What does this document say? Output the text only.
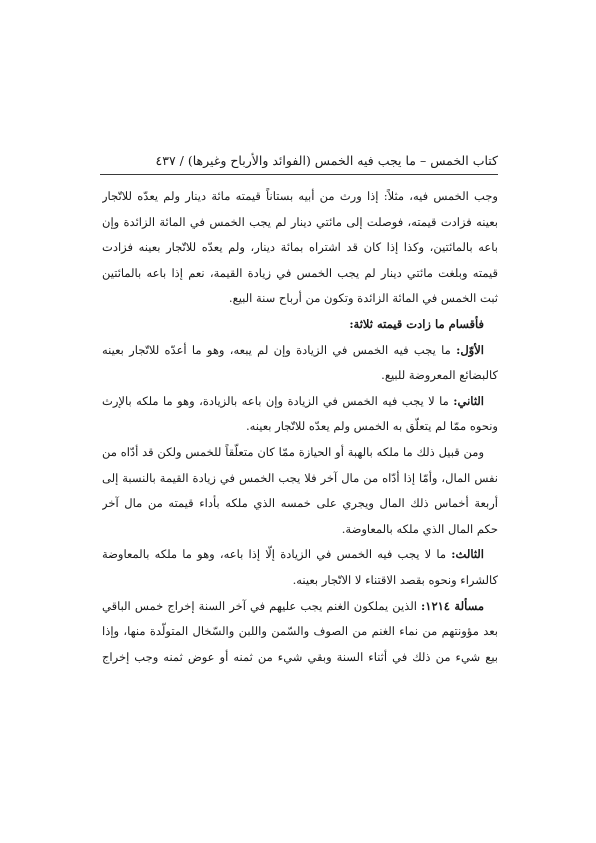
كتاب الخمس – ما يجب فيه الخمس (الفوائد والأرباح وغيرها) / ٤٣٧
وجب الخمس فيه، مثلاً: إذا ورث من أبيه بستاناً قيمته مائة دينار ولم يعدّه للاتّجار
بعينه فزادت قيمته، فوصلت إلى مائتي دينار لم يجب الخمس في المائة الزائدة وإن
باعه بالمائتين، وكذا إذا كان قد اشتراه بمائة دينار، ولم يعدّه للاتّجار بعينه فزادت
قيمته وبلغت مائتي دينار لم يجب الخمس في زيادة القيمة، نعم إذا باعه بالمائتين
ثبت الخمس في المائة الزائدة وتكون من أرباح سنة البيع.
فأقسام ما زادت قيمته ثلاثة:
الأوّل: ما يجب فيه الخمس في الزيادة وإن لم يبعه، وهو ما أعدّه للاتّجار بعينه
كالبضائع المعروضة للبيع.
الثاني: ما لا يجب فيه الخمس في الزيادة وإن باعه بالزيادة، وهو ما ملكه بالإرث
ونحوه ممّا لم يتعلّق به الخمس ولم يعدّه للاتّجار بعينه.
ومن قبيل ذلك ما ملكه بالهبة أو الحيازة ممّا كان متعلّقاً للخمس ولكن قد أدّاه من
نفس المال، وأمّا إذا أدّاه من مال آخر فلا يجب الخمس في زيادة القيمة بالنسبة إلى
أربعة أخماس ذلك المال ويجري على خمسه الذي ملكه بأداء قيمته من مال آخر
حكم المال الذي ملكه بالمعاوضة.
الثالث: ما لا يجب فيه الخمس في الزيادة إلّا إذا باعه، وهو ما ملكه بالمعاوضة
كالشراء ونحوه بقصد الاقتناء لا الاتّجار بعينه.
مسألة ١٢١٤: الذين يملكون الغنم يجب عليهم في آخر السنة إخراج خمس الباقي
بعد مؤونتهم من نماء الغنم من الصوف والسّمن واللبن والسّخال المتولّدة منها، وإذا
بيع شيء من ذلك في أثناء السنة وبقي شيء من ثمنه أو عوض ثمنه وجب إخراج
